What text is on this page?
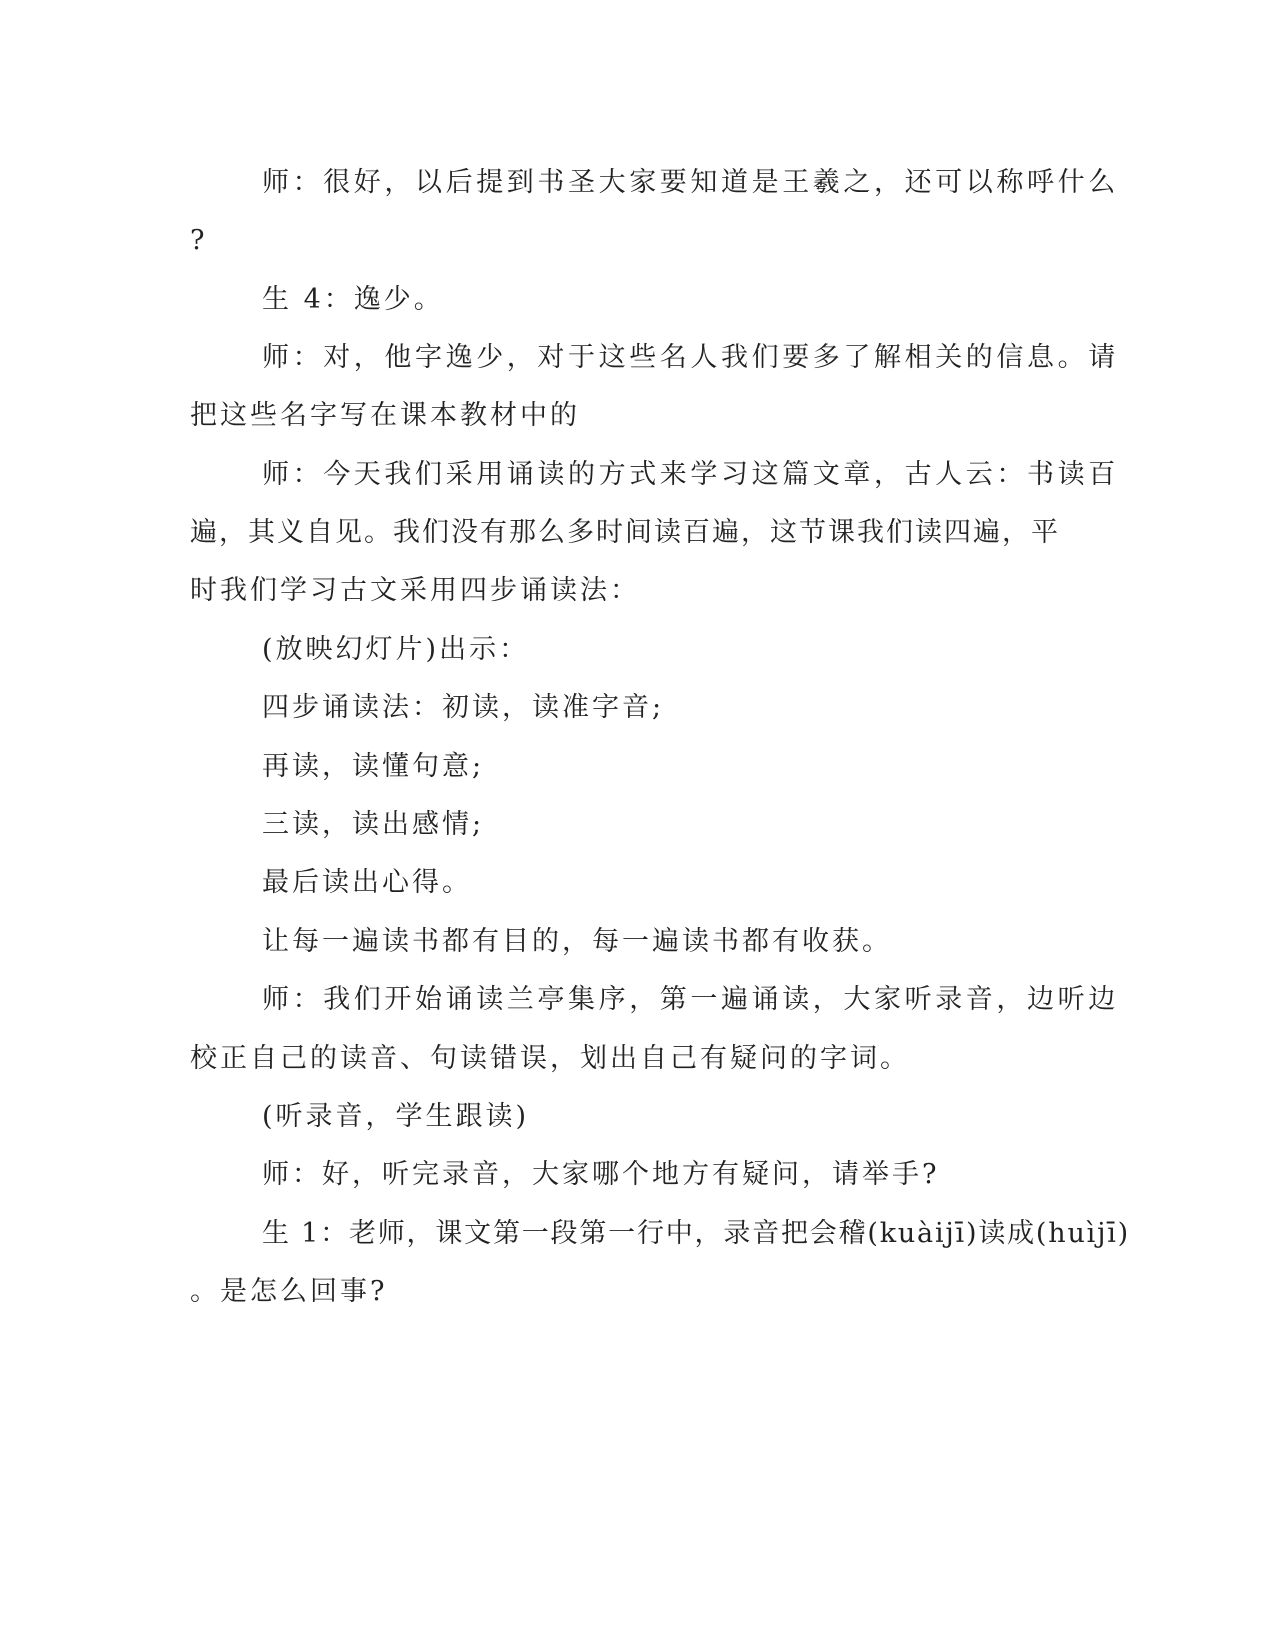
师：很好，以后提到书圣大家要知道是王羲之，还可以称呼什么
?
生 4：逸少。
师：对，他字逸少，对于这些名人我们要多了解相关的信息。请
把这些名字写在课本教材中的
师：今天我们采用诵读的方式来学习这篇文章，古人云：书读百
遍，其义自见。我们没有那么多时间读百遍，这节课我们读四遍，平
时我们学习古文采用四步诵读法：
(放映幻灯片)出示：
四步诵读法：初读，读准字音;
再读，读懂句意;
三读，读出感情;
最后读出心得。
让每一遍读书都有目的，每一遍读书都有收获。
师：我们开始诵读兰亭集序，第一遍诵读，大家听录音，边听边
校正自己的读音、句读错误，划出自己有疑问的字词。
(听录音，学生跟读)
师：好，听完录音，大家哪个地方有疑问，请举手?
生 1：老师，课文第一段第一行中，录音把会稽(kuàijī)读成(huìjī)
。是怎么回事?
